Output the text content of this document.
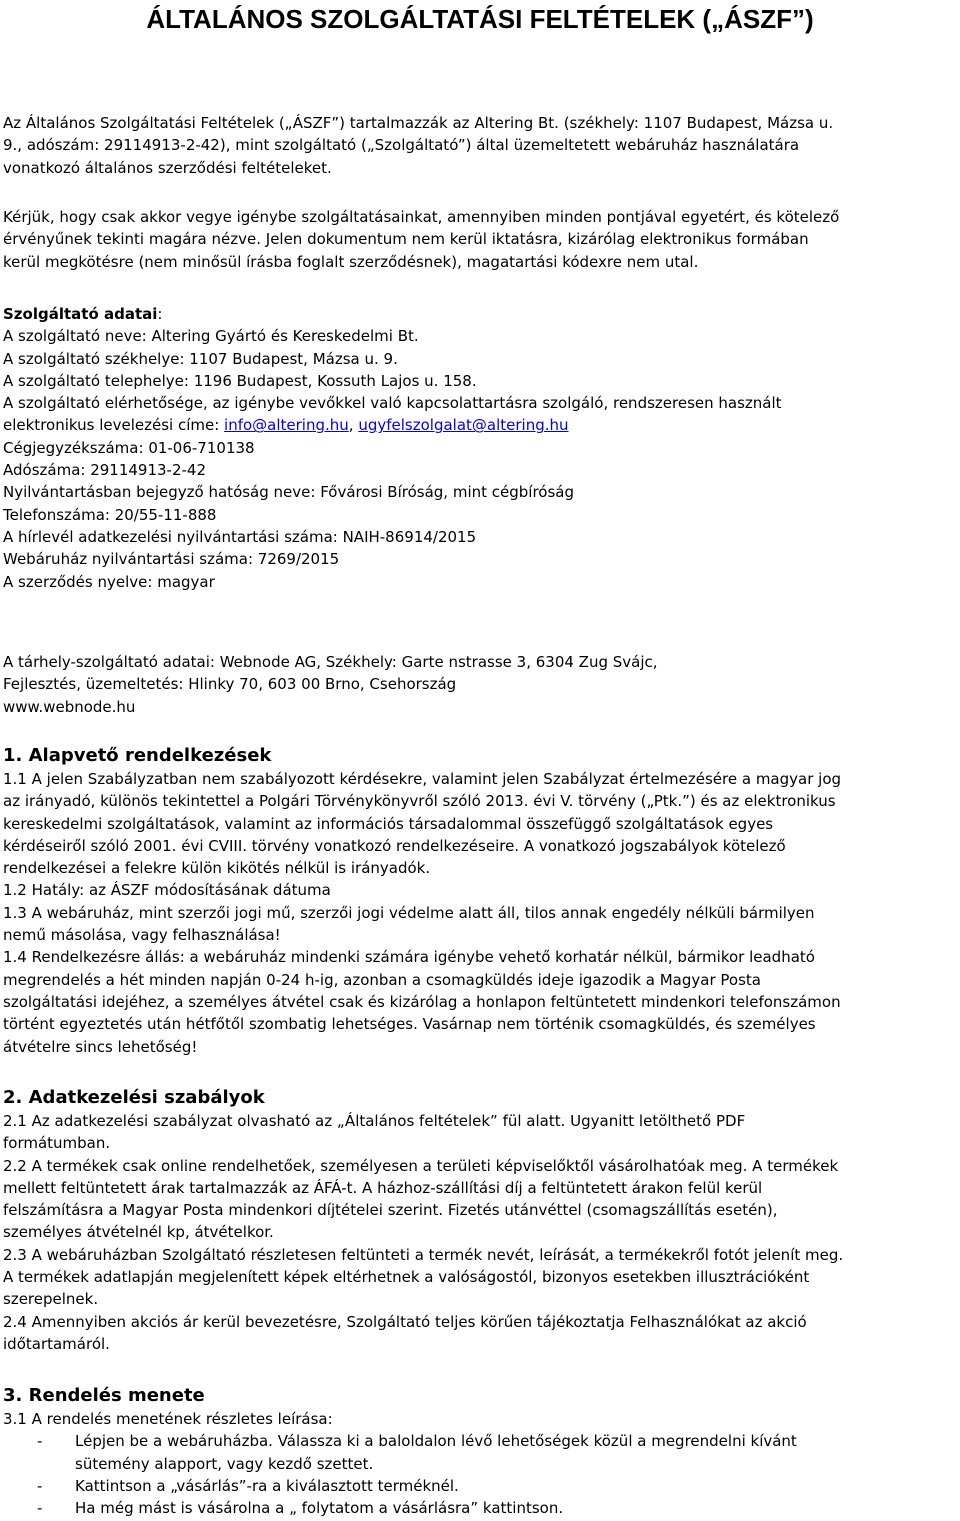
ÁLTALÁNOS SZOLGÁLTATÁSI FELTÉTELEK („ÁSZF”)

Az Általános Szolgáltatási Feltételek („ÁSZF”) tartalmazzák az Altering Bt. (székhely: 1107 Budapest, Mázsa u.
9., adószám: 29114913-2-42), mint szolgáltató („Szolgáltató”) által üzemeltetett webáruház használatára
vonatkozó általános szerződési feltételeket.

Kérjük, hogy csak akkor vegye igénybe szolgáltatásainkat, amennyiben minden pontjával egyetért, és kötelező
érvényűnek tekinti magára nézve. Jelen dokumentum nem kerül iktatásra, kizárólag elektronikus formában
kerül megkötésre (nem minősül írásba foglalt szerződésnek), magatartási kódexre nem utal.

Szolgáltató adatai:
A szolgáltató neve: Altering Gyártó és Kereskedelmi Bt.
A szolgáltató székhelye: 1107 Budapest, Mázsa u. 9.
A szolgáltató telephelye: 1196 Budapest, Kossuth Lajos u. 158.
A szolgáltató elérhetősége, az igénybe vevőkkel való kapcsolattartásra szolgáló, rendszeresen használt
elektronikus levelezési címe: info@altering.hu, ugyfelszolgalat@altering.hu
Cégjegyzékszáma: 01-06-710138
Adószáma: 29114913-2-42
Nyilvántartásban bejegyző hatóság neve: Fővárosi Bíróság, mint cégbíróság
Telefonszáma: 20/55-11-888
A hírlevél adatkezelési nyilvántartási száma: NAIH-86914/2015
Webáruház nyilvántartási száma: 7269/2015
A szerződés nyelve: magyar

A tárhely-szolgáltató adatai: Webnode AG, Székhely: Garte nstrasse 3, 6304 Zug Svájc,
Fejlesztés, üzemeltetés: Hlinky 70, 603 00 Brno, Csehország
www.webnode.hu

1. Alapvető rendelkezések

1.1 A jelen Szabályzatban nem szabályozott kérdésekre, valamint jelen Szabályzat értelmezésére a magyar jog
az irányadó, különös tekintettel a Polgári Törvénykönyvről szóló 2013. évi V. törvény („Ptk.”) és az elektronikus
kereskedelmi szolgáltatások, valamint az információs társadalommal összefüggő szolgáltatások egyes
kérdéseiről szóló 2001. évi CVIII. törvény vonatkozó rendelkezéseire. A vonatkozó jogszabályok kötelező
rendelkezései a felekre külön kikötés nélkül is irányadók.
1.2 Hatály: az ÁSZF módosításának dátuma
1.3 A webáruház, mint szerzői jogi mű, szerzői jogi védelme alatt áll, tilos annak engedély nélküli bármilyen
nemű másolása, vagy felhasználása!
1.4 Rendelkezésre állás: a webáruház mindenki számára igénybe vehető korhatár nélkül, bármikor leadható
megrendelés a hét minden napján 0-24 h-ig, azonban a csomagküldés ideje igazodik a Magyar Posta
szolgáltatási idejéhez, a személyes átvétel csak és kizárólag a honlapon feltüntetett mindenkori telefonszámon
történt egyeztetés után hétfőtől szombatig lehetséges. Vasárnap nem történik csomagküldés, és személyes
átvételre sincs lehetőség!

2. Adatkezelési szabályok

2.1 Az adatkezelési szabályzat olvasható az „Általános feltételek” fül alatt. Ugyanitt letölthető PDF
formátumban.
2.2 A termékek csak online rendelhetőek, személyesen a területi képviselőktől vásárolhatóak meg. A termékek
mellett feltüntetett árak tartalmazzák az ÁFÁ-t. A házhoz-szállítási díj a feltüntetett árakon felül kerül
felszámításra a Magyar Posta mindenkori díjtételei szerint. Fizetés utánvéttel (csomagszállítás esetén),
személyes átvételnél kp, átvételkor.
2.3 A webáruházban Szolgáltató részletesen feltünteti a termék nevét, leírását, a termékekről fotót jelenít meg.
A termékek adatlapján megjelenített képek eltérhetnek a valóságostól, bizonyos esetekben illusztrációként
szerepelnek.
2.4 Amennyiben akciós ár kerül bevezetésre, Szolgáltató teljes körűen tájékoztatja Felhasználókat az akció
időtartamáról.

3. Rendelés menete
3.1 A rendelés menetének részletes leírása:
- Lépjen be a webáruházba. Válassza ki a baloldalon lévő lehetőségek közül a megrendelni kívánt
sütemény alapport, vagy kezdő szettet.
- Kattintson a „vásárlás”-ra a kiválasztott terméknél.
- Ha még mást is vásárolna a „ folytatom a vásárlásra” kattintson.
